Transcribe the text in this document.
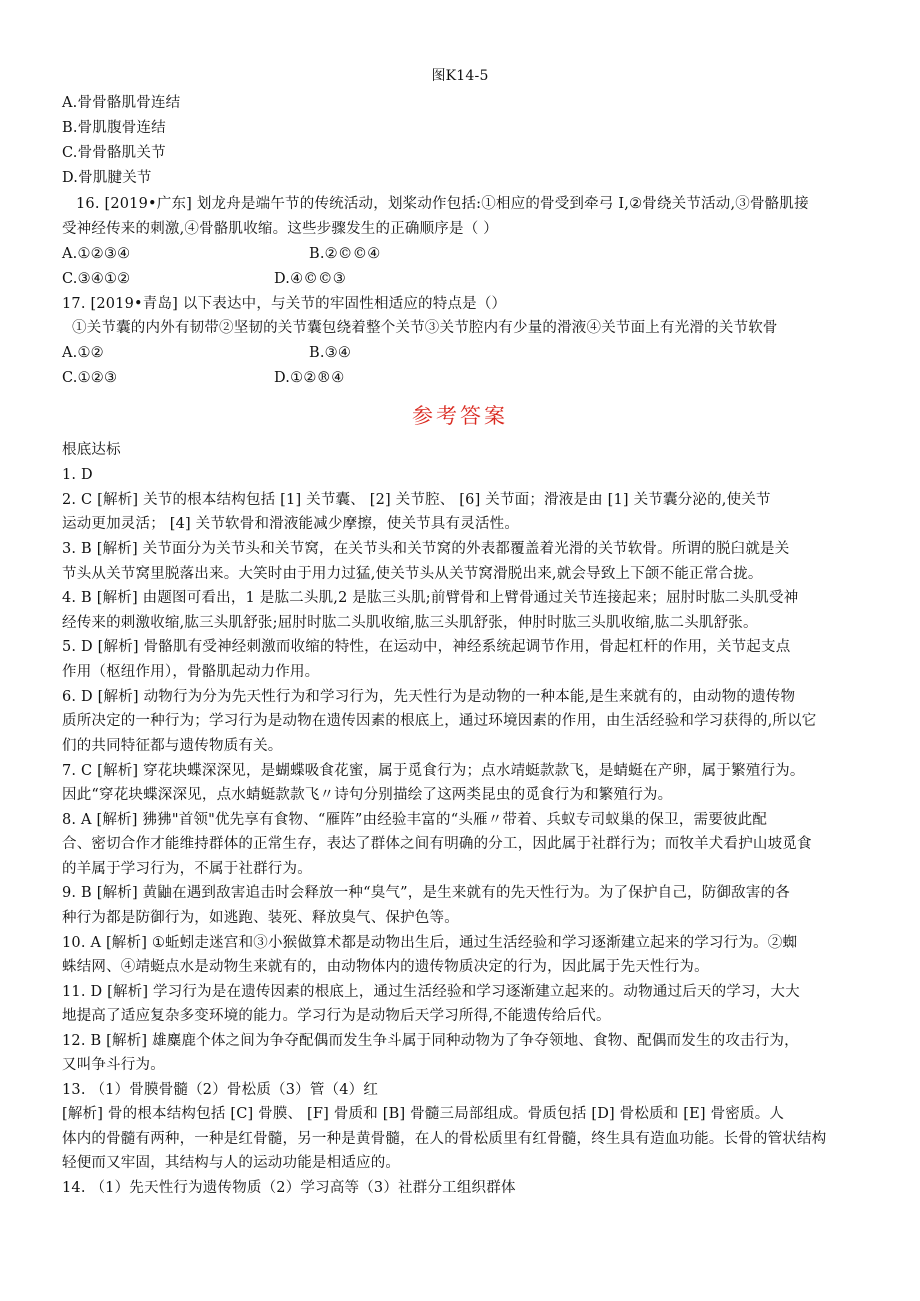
图K14-5
A.骨骨骼肌骨连结
B.骨肌腹骨连结
C.骨骨骼肌关节
D.骨肌腱关节
16. [2019•广东] 划龙舟是端午节的传统活动，划桨动作包括:①相应的骨受到牵弓 I,②骨绕关节活动,③骨骼肌接
受神经传来的刺激,④骨骼肌收缩。这些步骤发生的正确顺序是（ ）
A.①②③④	B.②©©④
C.③④①②	D.④©©③
17. [2019•青岛] 以下表达中，与关节的牢固性相适应的特点是（）
①关节囊的内外有韧带②坚韧的关节囊包绕着整个关节③关节腔内有少量的滑液④关节面上有光滑的关节软骨
A.①②	B.③④
C.①②③	D.①②®④
参考答案
根底达标
1. D
2. C [解析] 关节的根本结构包括 [1] 关节囊、 [2] 关节腔、 [6] 关节面；滑液是由 [1] 关节囊分泌的,使关节
运动更加灵活； [4] 关节软骨和滑液能减少摩擦，使关节具有灵活性。
3. B [解析] 关节面分为关节头和关节窝，在关节头和关节窝的外表都覆盖着光滑的关节软骨。所谓的脱臼就是关
节头从关节窝里脱落出来。大笑时由于用力过猛,使关节头从关节窝滑脱出来,就会导致上下颌不能正常合拢。
4. B [解析] 由题图可看出，1 是肱二头肌,2 是肱三头肌;前臂骨和上臂骨通过关节连接起来；屈肘时肱二头肌受神
经传来的刺激收缩,肱三头肌舒张;屈肘时肱二头肌收缩,肱三头肌舒张，伸肘时肱三头肌收缩,肱二头肌舒张。
5. D [解析] 骨骼肌有受神经刺激而收缩的特性，在运动中，神经系统起调节作用，骨起杠杆的作用，关节起支点
作用（枢纽作用），骨骼肌起动力作用。
6. D [解析] 动物行为分为先天性行为和学习行为，先天性行为是动物的一种本能,是生来就有的，由动物的遗传物
质所决定的一种行为；学习行为是动物在遗传因素的根底上，通过环境因素的作用，由生活经验和学习获得的,所以它
们的共同特征都与遗传物质有关。
7. C [解析] 穿花块蝶深深见，是蝴蝶吸食花蜜，属于觅食行为；点水靖蜓款款飞，是蜻蜓在产卵，属于繁殖行为。
因此“穿花块蝶深深见，点水蜻蜓款款飞〃诗句分别描绘了这两类昆虫的觅食行为和繁殖行为。
8. A [解析] 狒狒"首领"优先享有食物、“雁阵”由经验丰富的“头雁〃带着、兵蚁专司蚁巢的保卫，需要彼此配
合、密切合作才能维持群体的正常生存，表达了群体之间有明确的分工，因此属于社群行为；而牧羊犬看护山坡觅食
的羊属于学习行为，不属于社群行为。
9. B [解析] 黄鼬在遇到敌害追击时会释放一种“臭气”，是生来就有的先天性行为。为了保护自己，防御敌害的各
种行为都是防御行为，如逃跑、装死、释放臭气、保护色等。
10. A [解析] ①蚯蚓走迷宫和③小猴做算术都是动物出生后，通过生活经验和学习逐渐建立起来的学习行为。②蜘
蛛结网、④靖蜓点水是动物生来就有的，由动物体内的遗传物质决定的行为，因此属于先天性行为。
11. D [解析] 学习行为是在遗传因素的根底上，通过生活经验和学习逐渐建立起来的。动物通过后天的学习，大大
地提高了适应复杂多变环境的能力。学习行为是动物后天学习所得,不能遗传给后代。
12. B [解析] 雄麋鹿个体之间为争夺配偶而发生争斗属于同种动物为了争夺领地、食物、配偶而发生的攻击行为，
又叫争斗行为。
13. （1）骨膜骨髓（2）骨松质（3）管（4）红
[解析] 骨的根本结构包括 [C] 骨膜、 [F] 骨质和 [B] 骨髓三局部组成。骨质包括 [D] 骨松质和 [E] 骨密质。人
体内的骨髓有两种，一种是红骨髓，另一种是黄骨髓，在人的骨松质里有红骨髓，终生具有造血功能。长骨的管状结构
轻便而又牢固，其结构与人的运动功能是相适应的。
14. （1）先天性行为遗传物质（2）学习高等（3）社群分工组织群体
